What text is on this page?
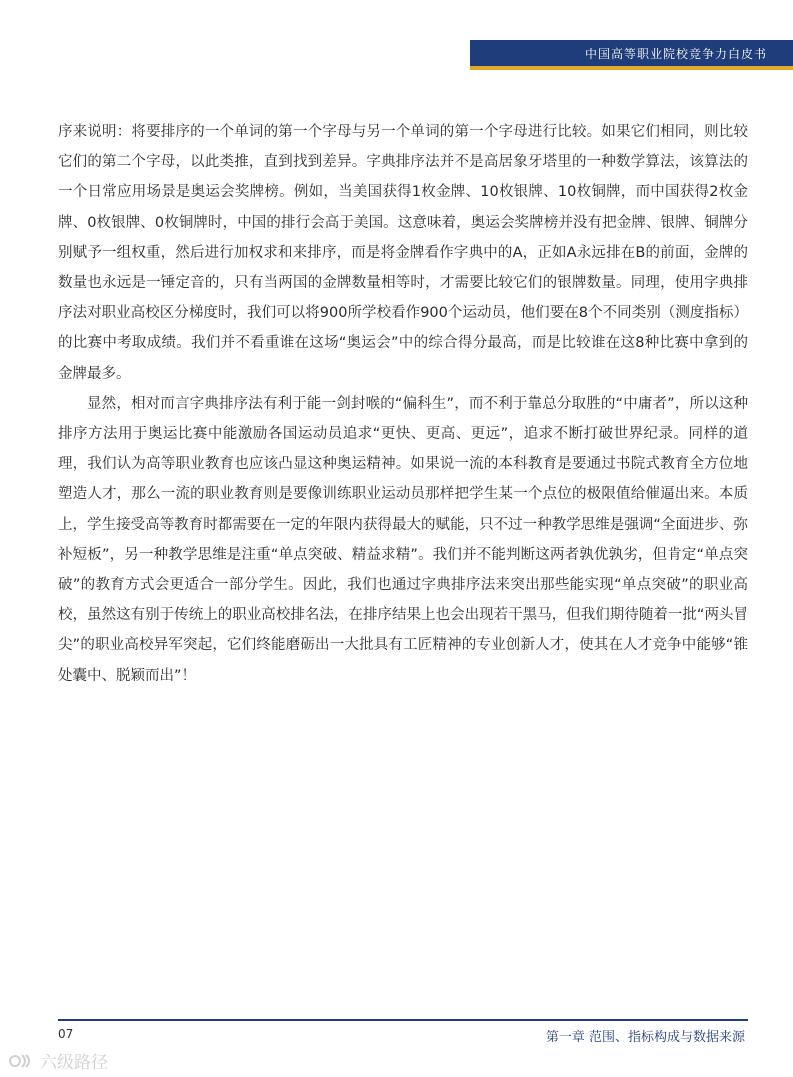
中国高等职业院校竞争力白皮书

序来说明：将要排序的一个单词的第一个字母与另一个单词的第一个字母进行比较。如果它们相同，则比较它们的第二个字母，以此类推，直到找到差异。字典排序法并不是高居象牙塔里的一种数学算法，该算法的一个日常应用场景是奥运会奖牌榜。例如，当美国获得1枚金牌、10枚银牌、10枚铜牌，而中国获得2枚金牌、0枚银牌、0枚铜牌时，中国的排行会高于美国。这意味着，奥运会奖牌榜并没有把金牌、银牌、铜牌分别赋予一组权重，然后进行加权求和来排序，而是将金牌看作字典中的A，正如A永远排在B的前面，金牌的数量也永远是一锤定音的，只有当两国的金牌数量相等时，才需要比较它们的银牌数量。同理，使用字典排序法对职业高校区分梯度时，我们可以将900所学校看作900个运动员，他们要在8个不同类别（测度指标）的比赛中考取成绩。我们并不看重谁在这场“奥运会”中的综合得分最高，而是比较谁在这8种比赛中拿到的金牌最多。

显然，相对而言字典排序法有利于能一剑封喉的“偏科生”，而不利于靠总分取胜的“中庸者”，所以这种排序方法用于奥运比赛中能激励各国运动员追求“更快、更高、更远”，追求不断打破世界纪录。同样的道理，我们认为高等职业教育也应该凸显这种奥运精神。如果说一流的本科教育是要通过书院式教育全方位地塑造人才，那么一流的职业教育则是要像训练职业运动员那样把学生某一个点位的极限值给催逼出来。本质上，学生接受高等教育时都需要在一定的年限内获得最大的赋能，只不过一种教学思维是强调“全面进步、弥补短板”，另一种教学思维是注重“单点突破、精益求精”。我们并不能判断这两者孰优孰劣，但肯定“单点突破”的教育方式会更适合一部分学生。因此，我们也通过字典排序法来突出那些能实现“单点突破”的职业高校，虽然这有别于传统上的职业高校排名法，在排序结果上也会出现若干黑马，但我们期待随着一批“两头冒尖”的职业高校异军突起，它们终能磨砺出一大批具有工匠精神的专业创新人才，使其在人才竞争中能够“锥处囊中、脱颖而出”！

07	第一章 范围、指标构成与数据来源
六级路径
